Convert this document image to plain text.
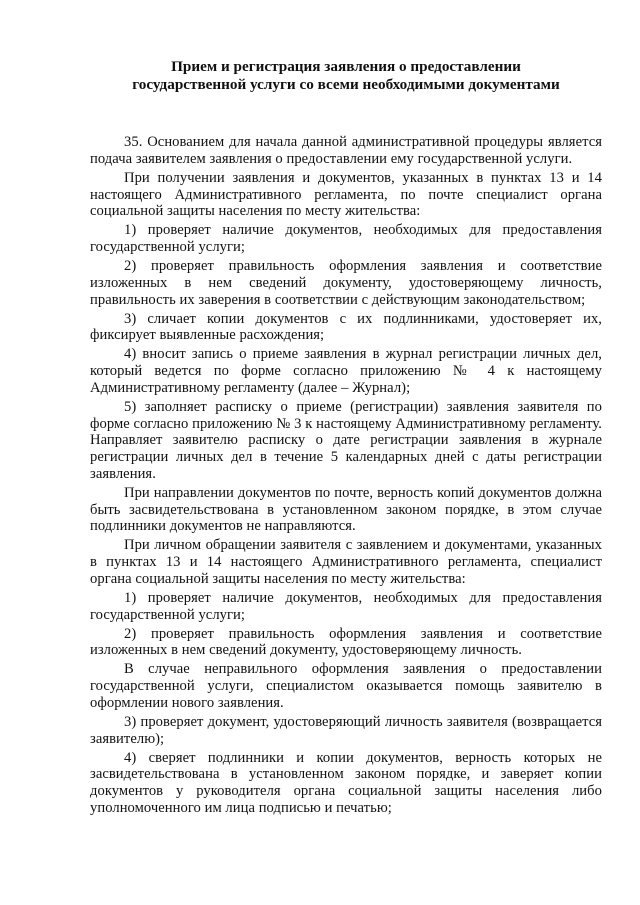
Прием и регистрация заявления о предоставлении
государственной услуги со всеми необходимыми документами

35. Основанием для начала данной административной процедуры является подача заявителем заявления о предоставлении ему государственной услуги.

При получении заявления и документов, указанных в пунктах 13 и 14 настоящего Административного регламента, по почте специалист органа социальной защиты населения по месту жительства:

1) проверяет наличие документов, необходимых для предоставления государственной услуги;

2) проверяет правильность оформления заявления и соответствие изложенных в нем сведений документу, удостоверяющему личность, правильность их заверения в соответствии с действующим законодательством;

3) сличает копии документов с их подлинниками, удостоверяет их, фиксирует выявленные расхождения;

4) вносит запись о приеме заявления в журнал регистрации личных дел, который ведется по форме согласно приложению № 4 к настоящему Административному регламенту (далее – Журнал);

5) заполняет расписку о приеме (регистрации) заявления заявителя по форме согласно приложению № 3 к настоящему Административному регламенту. Направляет заявителю расписку о дате регистрации заявления в журнале регистрации личных дел в течение 5 календарных дней с даты регистрации заявления.

При направлении документов по почте, верность копий документов должна быть засвидетельствована в установленном законом порядке, в этом случае подлинники документов не направляются.

При личном обращении заявителя с заявлением и документами, указанных в пунктах 13 и 14 настоящего Административного регламента, специалист органа социальной защиты населения по месту жительства:

1) проверяет наличие документов, необходимых для предоставления государственной услуги;

2) проверяет правильность оформления заявления и соответствие изложенных в нем сведений документу, удостоверяющему личность.

В случае неправильного оформления заявления о предоставлении государственной услуги, специалистом оказывается помощь заявителю в оформлении нового заявления.

3) проверяет документ, удостоверяющий личность заявителя (возвращается заявителю);

4) сверяет подлинники и копии документов, верность которых не засвидетельствована в установленном законом порядке, и заверяет копии документов у руководителя органа социальной защиты населения либо уполномоченного им лица подписью и печатью;
